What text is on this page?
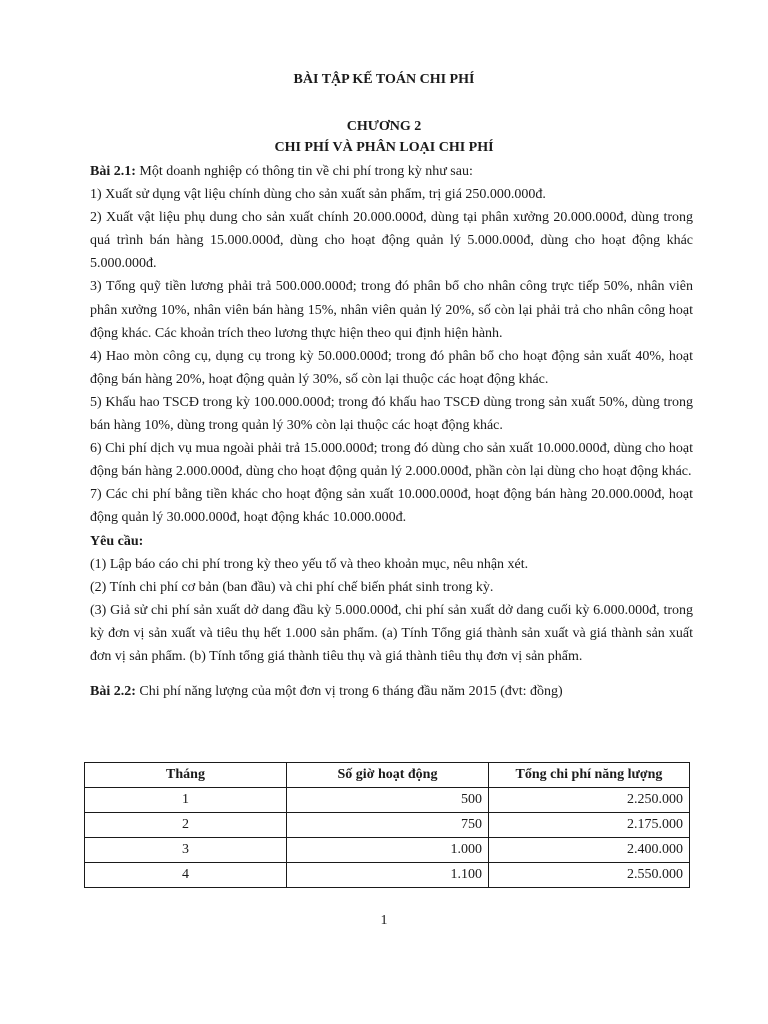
BÀI TẬP KẾ TOÁN CHI PHÍ
CHƯƠNG 2
CHI PHÍ VÀ PHÂN LOẠI CHI PHÍ

Bài 2.1: Một doanh nghiệp có thông tin về chi phí trong kỳ như sau:

1) Xuất sử dụng vật liệu chính dùng cho sản xuất sản phẩm, trị giá 250.000.000đ.

2) Xuất vật liệu phụ dung cho sản xuất chính 20.000.000đ, dùng tại phân xưởng 20.000.000đ, dùng trong quá trình bán hàng 15.000.000đ, dùng cho hoạt động quản lý 5.000.000đ, dùng cho hoạt động khác 5.000.000đ.

3) Tổng quỹ tiền lương phải trả 500.000.000đ; trong đó phân bổ cho nhân công trực tiếp 50%, nhân viên phân xưởng 10%, nhân viên bán hàng 15%, nhân viên quản lý 20%, số còn lại phải trả cho nhân công hoạt động khác. Các khoản trích theo lương thực hiện theo qui định hiện hành.

4) Hao mòn công cụ, dụng cụ trong kỳ 50.000.000đ; trong đó phân bổ cho hoạt động sản xuất 40%, hoạt động bán hàng 20%, hoạt động quản lý 30%, số còn lại thuộc các hoạt động khác.

5) Khấu hao TSCĐ trong kỳ 100.000.000đ; trong đó khấu hao TSCĐ dùng trong sản xuất 50%, dùng trong bán hàng 10%, dùng trong quản lý 30% còn lại thuộc các hoạt động khác.

6) Chi phí dịch vụ mua ngoài phải trả 15.000.000đ; trong đó dùng cho sản xuất 10.000.000đ, dùng cho hoạt động bán hàng 2.000.000đ, dùng cho hoạt động quản lý 2.000.000đ, phần còn lại dùng cho hoạt động khác.

7) Các chi phí bằng tiền khác cho hoạt động sản xuất 10.000.000đ, hoạt động bán hàng 20.000.000đ, hoạt động quản lý 30.000.000đ, hoạt động khác 10.000.000đ.

Yêu cầu:

(1) Lập báo cáo chi phí trong kỳ theo yếu tố và theo khoản mục, nêu nhận xét.

(2) Tính chi phí cơ bản (ban đầu) và chi phí chế biến phát sinh trong kỳ.

(3) Giả sử chi phí sản xuất dở dang đầu kỳ 5.000.000đ, chi phí sản xuất dở dang cuối kỳ 6.000.000đ, trong kỳ đơn vị sản xuất và tiêu thụ hết 1.000 sản phẩm. (a) Tính Tổng giá thành sản xuất và giá thành sản xuất đơn vị sản phẩm. (b) Tính tổng giá thành tiêu thụ và giá thành tiêu thụ đơn vị sản phẩm.

Bài 2.2: Chi phí năng lượng của một đơn vị trong 6 tháng đầu năm 2015 (đvt: đồng)

Tháng	Số giờ hoạt động	Tổng chi phí năng lượng
1	500	2.250.000
2	750	2.175.000
3	1.000	2.400.000
4	1.100	2.550.000
1
